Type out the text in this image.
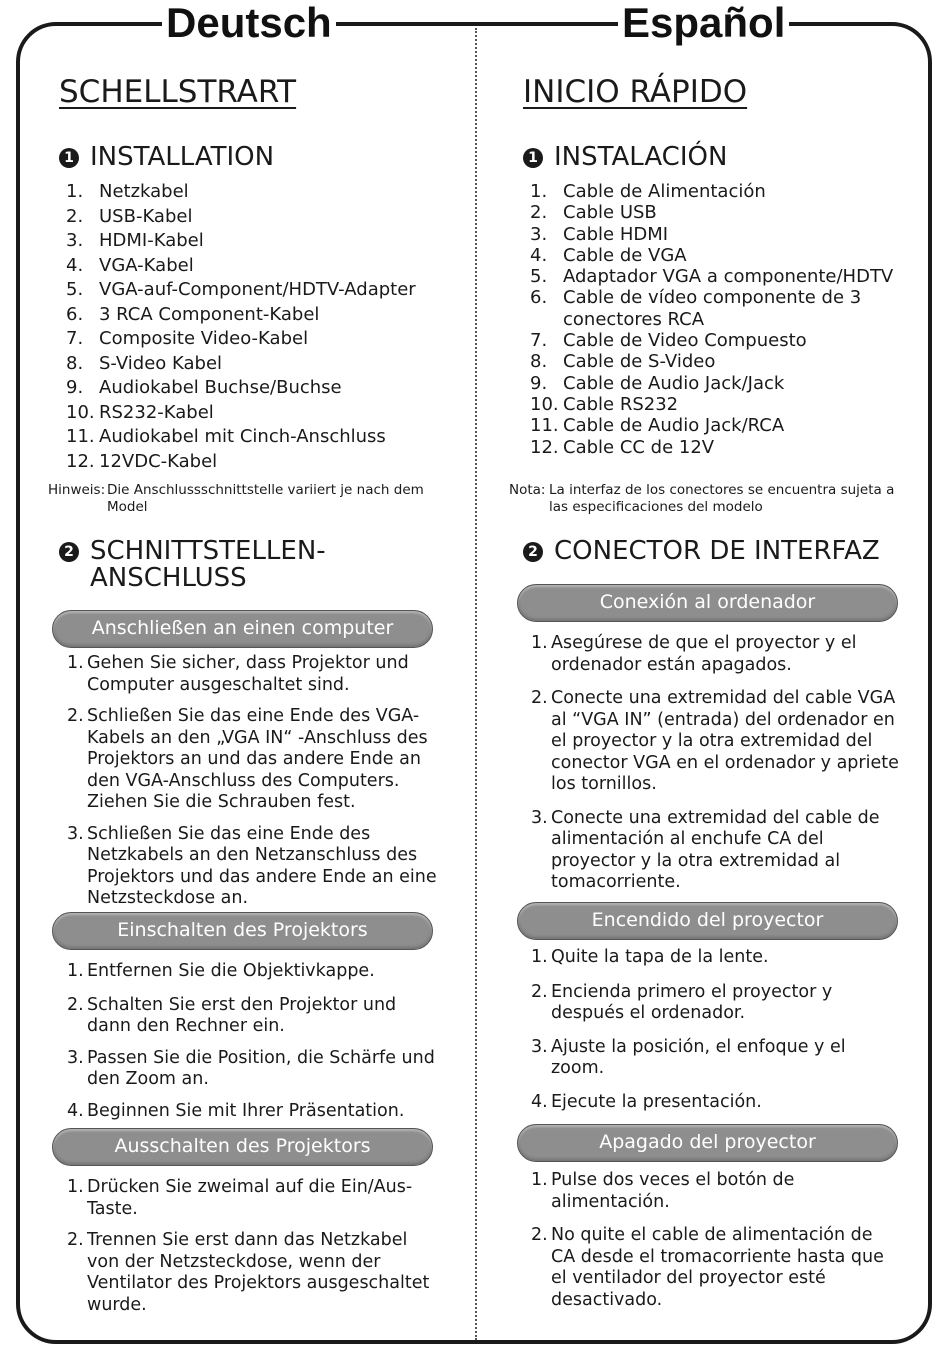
Deutsch	Español
SCHELLSTRART
1 INSTALLATION
1. Netzkabel
2. USB-Kabel
3. HDMI-Kabel
4. VGA-Kabel
5. VGA-auf-Component/HDTV-Adapter
6. 3 RCA Component-Kabel
7. Composite Video-Kabel
8. S-Video Kabel
9. Audiokabel Buchse/Buchse
10. RS232-Kabel
11. Audiokabel mit Cinch-Anschluss
12. 12VDC-Kabel
Hinweis: Die Anschlussschnittstelle variiert je nach dem Model
2 SCHNITTSTELLEN-ANSCHLUSS
Anschließen an einen computer
1. Gehen Sie sicher, dass Projektor und Computer ausgeschaltet sind.
2. Schließen Sie das eine Ende des VGA-Kabels an den „VGA IN“ -Anschluss des Projektors an und das andere Ende an den VGA-Anschluss des Computers. Ziehen Sie die Schrauben fest.
3. Schließen Sie das eine Ende des Netzkabels an den Netzanschluss des Projektors und das andere Ende an eine Netzsteckdose an.
Einschalten des Projektors
1. Entfernen Sie die Objektivkappe.
2. Schalten Sie erst den Projektor und dann den Rechner ein.
3. Passen Sie die Position, die Schärfe und den Zoom an.
4. Beginnen Sie mit Ihrer Präsentation.
Ausschalten des Projektors
1. Drücken Sie zweimal auf die Ein/Aus-Taste.
2. Trennen Sie erst dann das Netzkabel von der Netzsteckdose, wenn der Ventilator des Projektors ausgeschaltet wurde.
INICIO RÁPIDO
1 INSTALACIÓN
1. Cable de Alimentación
2. Cable USB
3. Cable HDMI
4. Cable de VGA
5. Adaptador VGA a componente/HDTV
6. Cable de vídeo componente de 3 conectores RCA
7. Cable de Video Compuesto
8. Cable de S-Video
9. Cable de Audio Jack/Jack
10. Cable RS232
11. Cable de Audio Jack/RCA
12. Cable CC de 12V
Nota: La interfaz de los conectores se encuentra sujeta a las especificaciones del modelo
2 CONECTOR DE INTERFAZ
Conexión al ordenador
1. Asegúrese de que el proyector y el ordenador están apagados.
2. Conecte una extremidad del cable VGA al “VGA IN” (entrada) del ordenador en el proyector y la otra extremidad del conector VGA en el ordenador y apriete los tornillos.
3. Conecte una extremidad del cable de alimentación al enchufe CA del proyector y la otra extremidad al tomacorriente.
Encendido del proyector
1. Quite la tapa de la lente.
2. Encienda primero el proyector y después el ordenador.
3. Ajuste la posición, el enfoque y el zoom.
4. Ejecute la presentación.
Apagado del proyector
1. Pulse dos veces el botón de alimentación.
2. No quite el cable de alimentación de CA desde el tromacorriente hasta que el ventilador del proyector esté desactivado.
